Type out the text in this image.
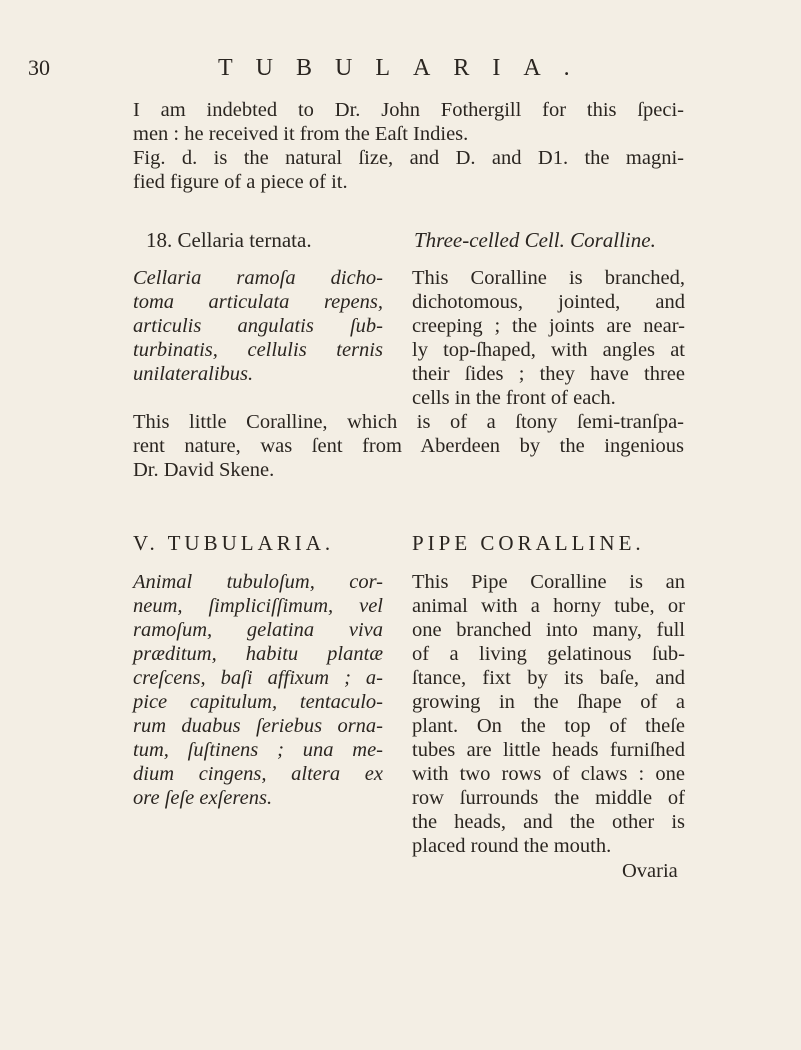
30	TUBULARIA.
I am indebted to Dr. John Fothergill for this ſpeci-
men : he received it from the Eaſt Indies.
Fig. d. is the natural ſize, and D. and D1. the magni-
fied figure of a piece of it.
18. Cellaria ternata.	Three-celled Cell. Coralline.
Cellaria ramoſa dicho-
toma articulata repens,
articulis angulatis ſub-
turbinatis, cellulis ternis
unilateralibus.
This Coralline is branched,
dichotomous, jointed, and
creeping ; the joints are near-
ly top-ſhaped, with angles at
their ſides ; they have three
cells in the front of each.
This little Coralline, which is of a ſtony ſemi-tranſpa-
rent nature, was ſent from Aberdeen by the ingenious
Dr. David Skene.
V. TUBULARIA.	PIPE CORALLINE.
Animal tubuloſum, cor-
neum, ſimpliciſſimum, vel
ramoſum, gelatina viva
præditum, habitu plantæ
creſcens, baſi affixum ; a-
pice capitulum, tentaculo-
rum duabus ſeriebus orna-
tum, ſuſtinens ; una me-
dium cingens, altera ex
ore ſeſe exſerens.
This Pipe Coralline is an
animal with a horny tube, or
one branched into many, full
of a living gelatinous ſub-
ſtance, fixt by its baſe, and
growing in the ſhape of a
plant. On the top of theſe
tubes are little heads furniſhed
with two rows of claws : one
row ſurrounds the middle of
the heads, and the other is
placed round the mouth.
Ovaria
